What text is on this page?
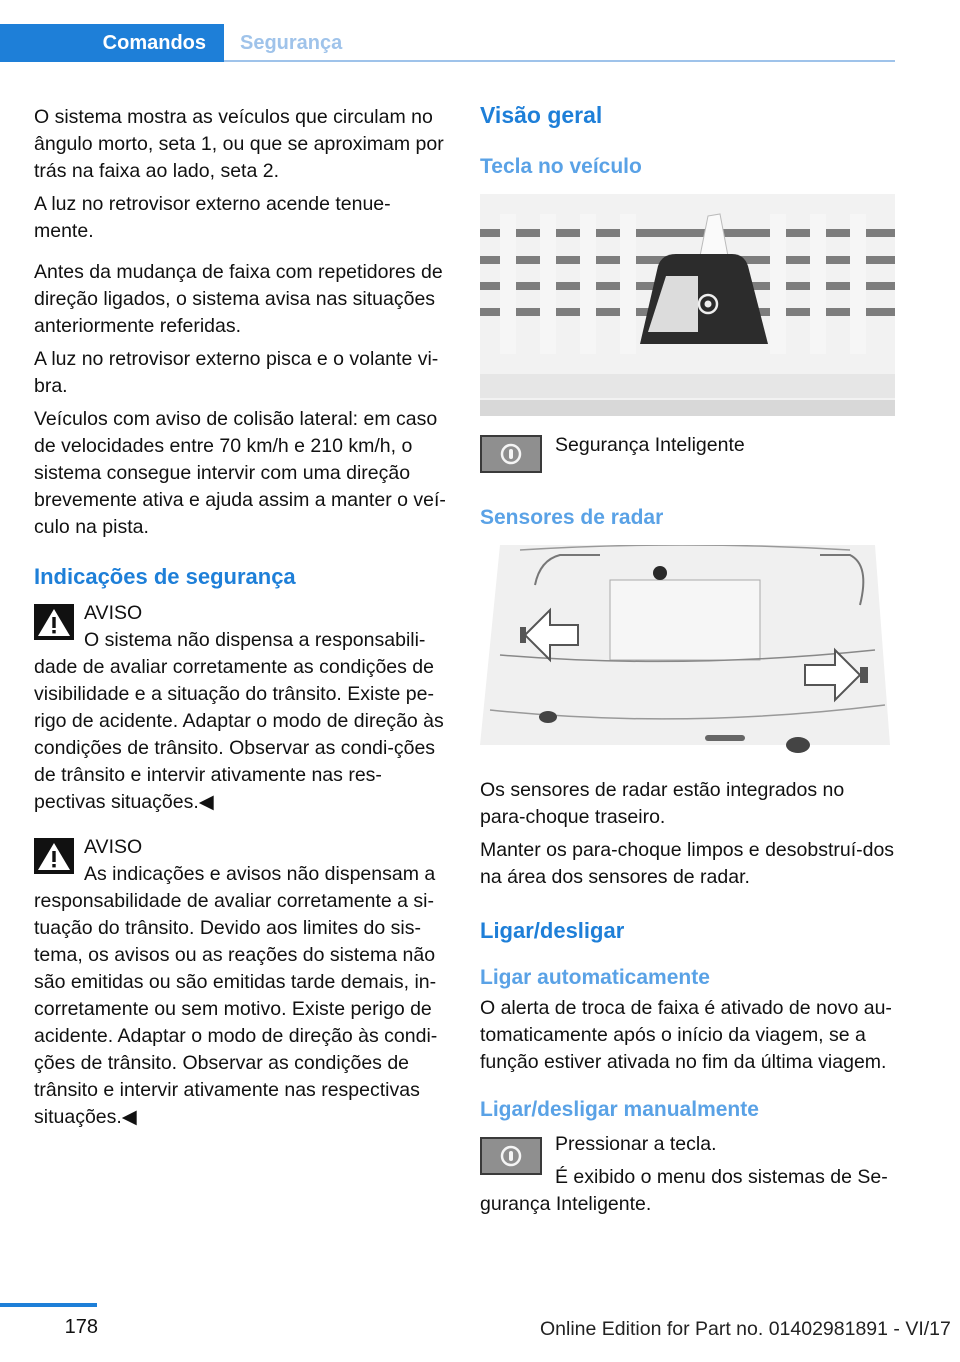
Comandos	Segurança

O sistema mostra as veículos que circulam no ângulo morto, seta 1, ou que se aproximam por trás na faixa ao lado, seta 2.

A luz no retrovisor externo acende tenue‐mente.

Antes da mudança de faixa com repetidores de direção ligados, o sistema avisa nas situações anteriormente referidas.

A luz no retrovisor externo pisca e o volante vi‐bra.

Veículos com aviso de colisão lateral: em caso de velocidades entre 70 km/h e 210 km/h, o sistema consegue intervir com uma direção brevemente ativa e ajuda assim a manter o veí‐culo na pista.

Indicações de segurança

AVISO

O sistema não dispensa a responsabili‐dade de avaliar corretamente as condições de visibilidade e a situação do trânsito. Existe pe‐rigo de acidente. Adaptar o modo de direção às condições de trânsito. Observar as condi‐ções de trânsito e intervir ativamente nas res‐pectivas situações.◀

AVISO

As indicações e avisos não dispensam a responsabilidade de avaliar corretamente a si‐tuação do trânsito. Devido aos limites do sis‐tema, os avisos ou as reações do sistema não são emitidas ou são emitidas tarde demais, in‐corretamente ou sem motivo. Existe perigo de acidente. Adaptar o modo de direção às condi‐ções de trânsito. Observar as condições de trânsito e intervir ativamente nas respectivas situações.◀

Visão geral
Tecla no veículo
Segurança Inteligente
Sensores de radar

Os sensores de radar estão integrados no para-choque traseiro.

Manter os para-choque limpos e desobstruí‐dos na área dos sensores de radar.

Ligar/desligar

Ligar automaticamente

O alerta de troca de faixa é ativado de novo au‐tomaticamente após o início da viagem, se a função estiver ativada no fim da última viagem.

Ligar/desligar manualmente

Pressionar a tecla.

É exibido o menu dos sistemas de Se‐gurança Inteligente.

178	Online Edition for Part no. 01402981891 - VI/17
